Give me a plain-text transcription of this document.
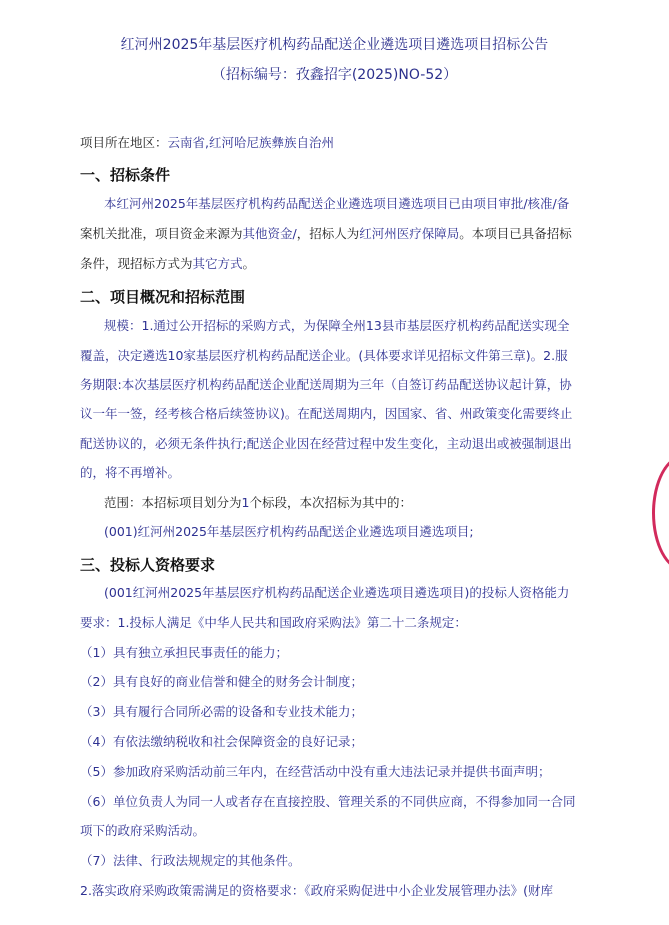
红河州2025年基层医疗机构药品配送企业遴选项目遴选项目招标公告
（招标编号：孜鑫招字(2025)NO-52）
项目所在地区：云南省,红河哈尼族彝族自治州
一、招标条件
本红河州2025年基层医疗机构药品配送企业遴选项目遴选项目已由项目审批/核准/备
案机关批准，项目资金来源为其他资金/，招标人为红河州医疗保障局。本项目已具备招标
条件，现招标方式为其它方式。
二、项目概况和招标范围
规模：1.通过公开招标的采购方式，为保障全州13县市基层医疗机构药品配送实现全
覆盖，决定遴选10家基层医疗机构药品配送企业。(具体要求详见招标文件第三章)。2.服
务期限:本次基层医疗机构药品配送企业配送周期为三年（自签订药品配送协议起计算，协
议一年一签，经考核合格后续签协议)。在配送周期内，因国家、省、州政策变化需要终止
配送协议的，必须无条件执行;配送企业因在经营过程中发生变化，主动退出或被强制退出
的，将不再增补。
范围：本招标项目划分为1个标段，本次招标为其中的：
(001)红河州2025年基层医疗机构药品配送企业遴选项目遴选项目;
三、投标人资格要求
(001红河州2025年基层医疗机构药品配送企业遴选项目遴选项目)的投标人资格能力
要求：1.投标人满足《中华人民共和国政府采购法》第二十二条规定：
（1）具有独立承担民事责任的能力；
（2）具有良好的商业信誉和健全的财务会计制度；
（3）具有履行合同所必需的设备和专业技术能力；
（4）有依法缴纳税收和社会保障资金的良好记录；
（5）参加政府采购活动前三年内，在经营活动中没有重大违法记录并提供书面声明；
（6）单位负责人为同一人或者存在直接控股、管理关系的不同供应商，不得参加同一合同
项下的政府采购活动。
（7）法律、行政法规规定的其他条件。
2.落实政府采购政策需满足的资格要求：《政府采购促进中小企业发展管理办法》(财库
